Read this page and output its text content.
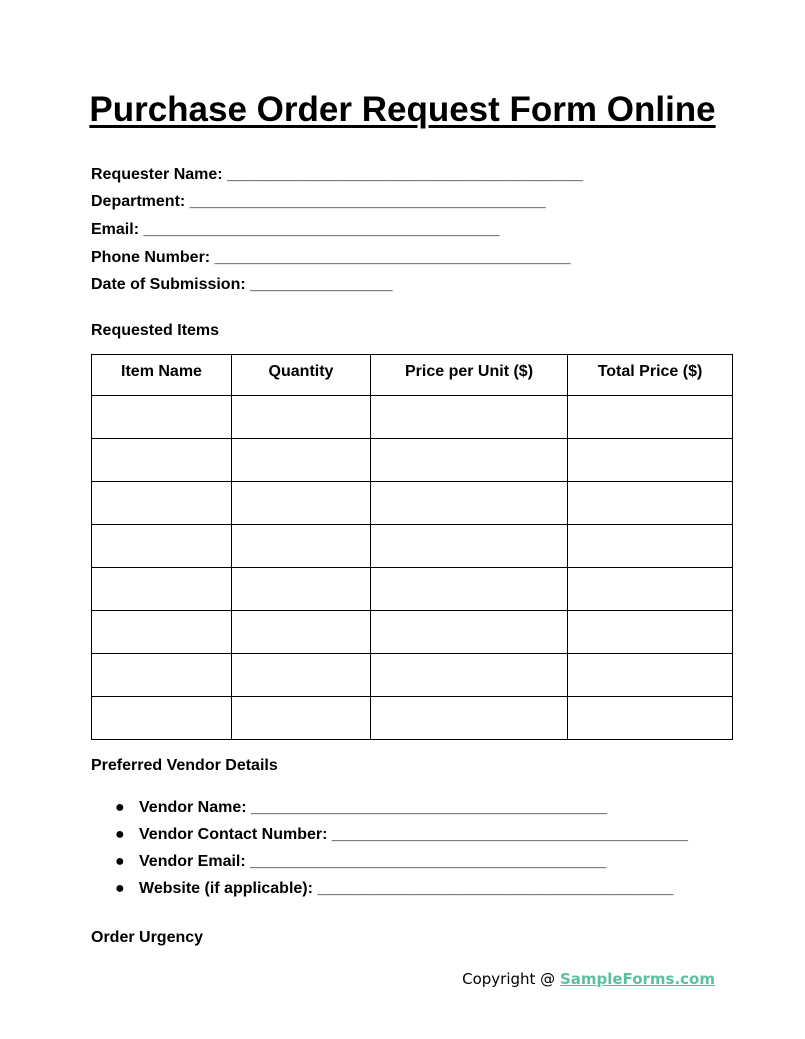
Purchase Order Request Form Online
Requester Name: ________________________________________
Department: ________________________________________
Email: ________________________________________
Phone Number: ________________________________________
Date of Submission: ________________
Requested Items
Item Name	Quantity	Price per Unit ($)	Total Price ($)

Preferred Vendor Details
● Vendor Name: ________________________________________
● Vendor Contact Number: ________________________________________
● Vendor Email: ________________________________________
● Website (if applicable): ________________________________________
Order Urgency
Copyright @ SampleForms.com
